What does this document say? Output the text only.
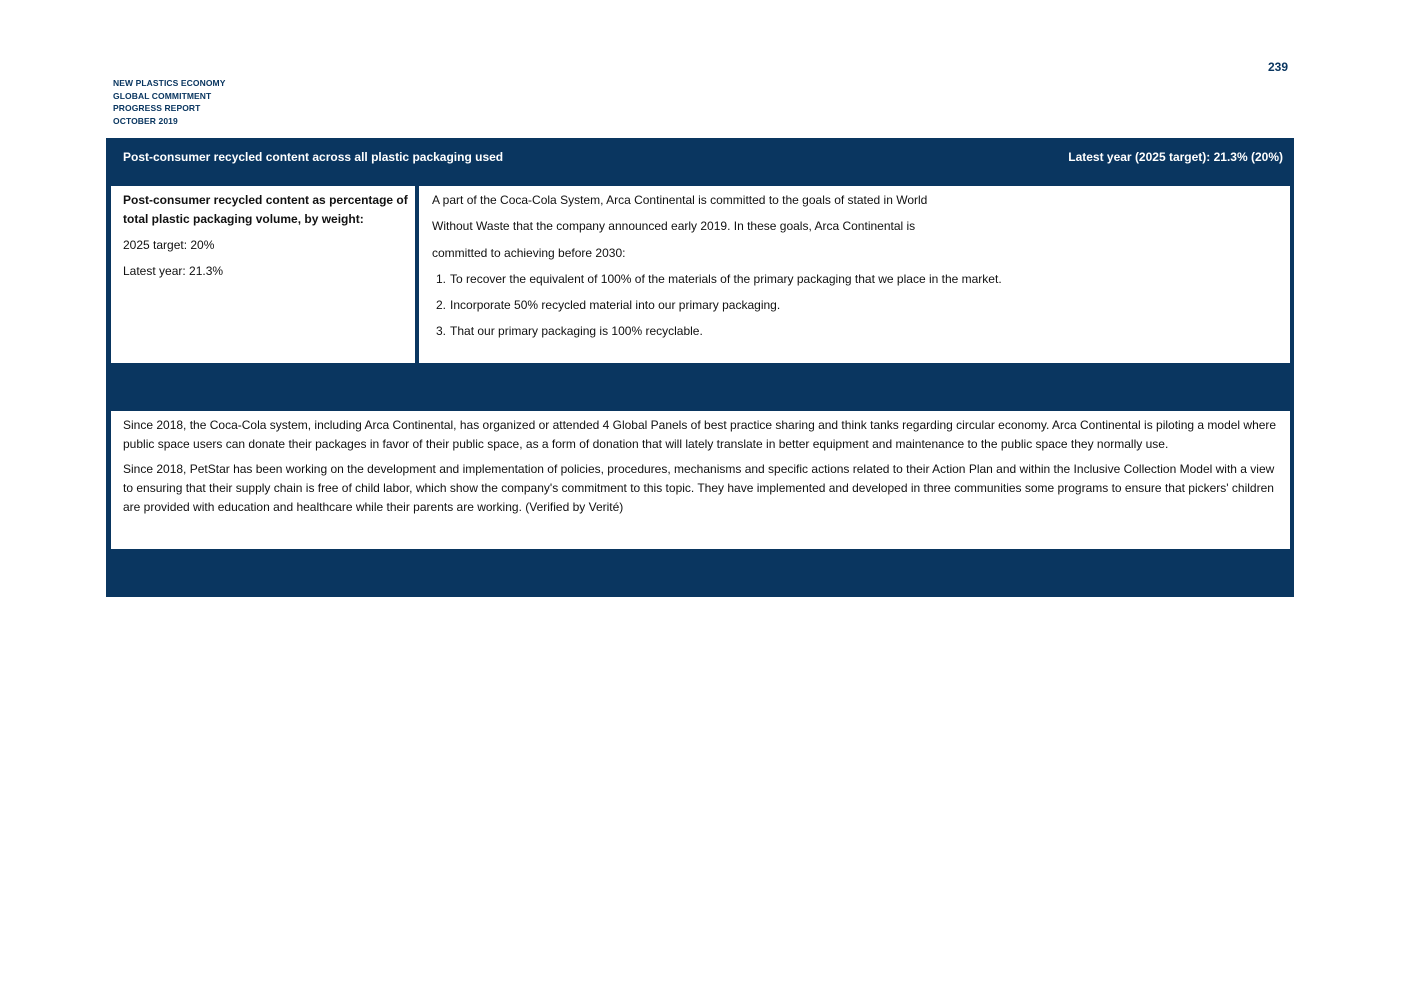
NEW PLASTICS ECONOMY
GLOBAL COMMITMENT
PROGRESS REPORT
OCTOBER 2019
239
Post-consumer recycled content across all plastic packaging used	Latest year (2025 target): 21.3% (20%)
Post-consumer recycled content as percentage of total plastic packaging volume, by weight:
2025 target: 20%
Latest year: 21.3%
A part of the Coca-Cola System, Arca Continental is committed to the goals of stated in World
Without Waste that the company announced early 2019. In these goals, Arca Continental is
committed to achieving before 2030:
1. To recover the equivalent of 100% of the materials of the primary packaging that we place in the market.
2. Incorporate 50% recycled material into our primary packaging.
3. That our primary packaging is 100% recyclable.
Optional commitments made

Since 2018, the Coca-Cola system, including Arca Continental, has organized or attended 4 Global Panels of best practice sharing and think tanks regarding circular economy. Arca Continental is piloting a model where public space users can donate their packages in favor of their public space, as a form of donation that will lately translate in better equipment and maintenance to the public space they normally use.

Since 2018, PetStar has been working on the development and implementation of policies, procedures, mechanisms and specific actions related to their Action Plan and within the Inclusive Collection Model with a view to ensuring that their supply chain is free of child labor, which show the company's commitment to this topic. They have implemented and developed in three communities some programs to ensure that pickers' children are provided with education and healthcare while their parents are working. (Verified by Verité)

Volume of plastic packaging produced	Submitted to the Foundation only
